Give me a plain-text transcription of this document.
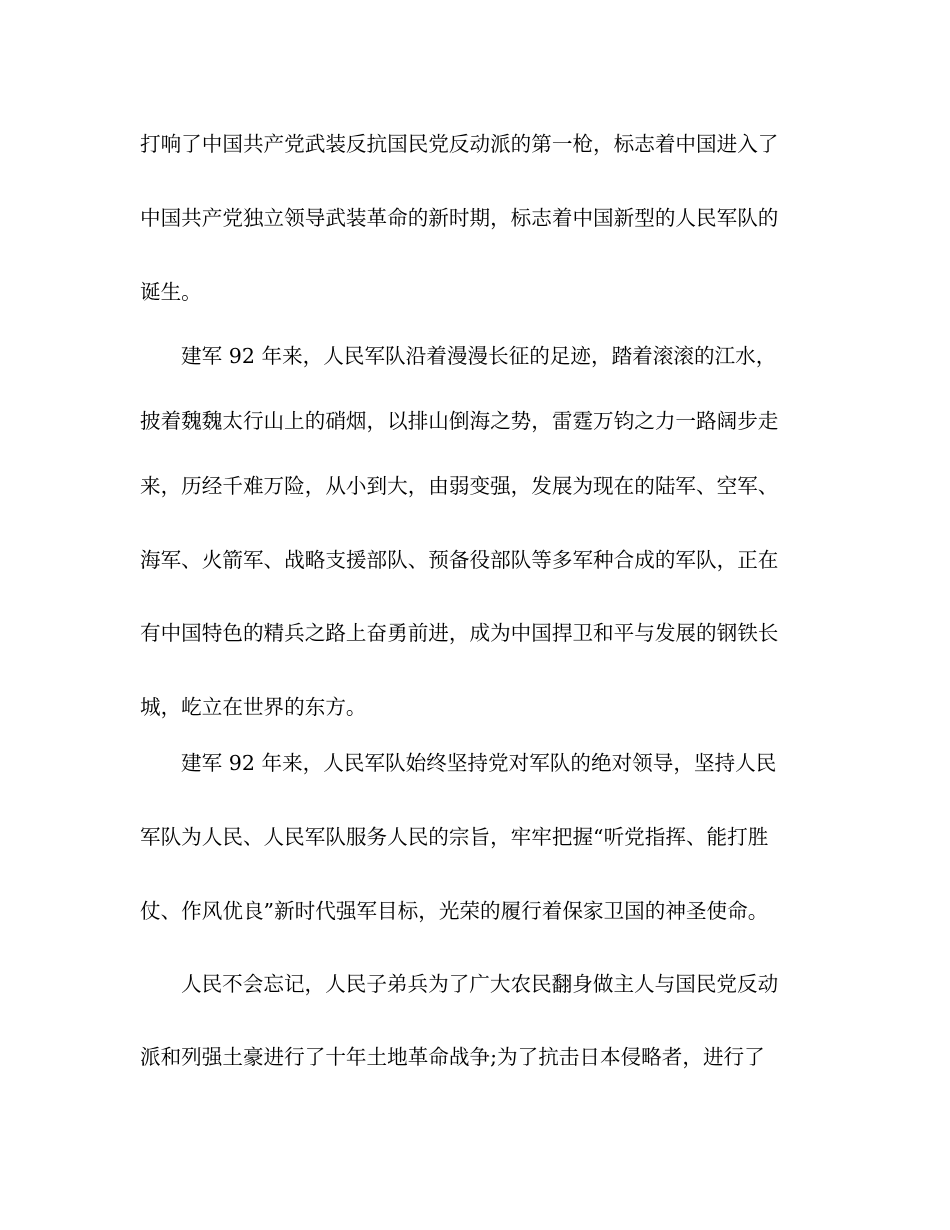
打响了中国共产党武装反抗国民党反动派的第一枪，标志着中国进入了
中国共产党独立领导武装革命的新时期，标志着中国新型的人民军队的
诞生。
建军 92 年来，人民军队沿着漫漫长征的足迹，踏着滚滚的江水，
披着魏魏太行山上的硝烟，以排山倒海之势，雷霆万钧之力一路阔步走
来，历经千难万险，从小到大，由弱变强，发展为现在的陆军、空军、
海军、火箭军、战略支援部队、预备役部队等多军种合成的军队，正在
有中国特色的精兵之路上奋勇前进，成为中国捍卫和平与发展的钢铁长
城，屹立在世界的东方。
建军 92 年来，人民军队始终坚持党对军队的绝对领导，坚持人民
军队为人民、人民军队服务人民的宗旨，牢牢把握“听党指挥、能打胜
仗、作风优良”新时代强军目标，光荣的履行着保家卫国的神圣使命。
人民不会忘记，人民子弟兵为了广大农民翻身做主人与国民党反动
派和列强土豪进行了十年土地革命战争;为了抗击日本侵略者，进行了
